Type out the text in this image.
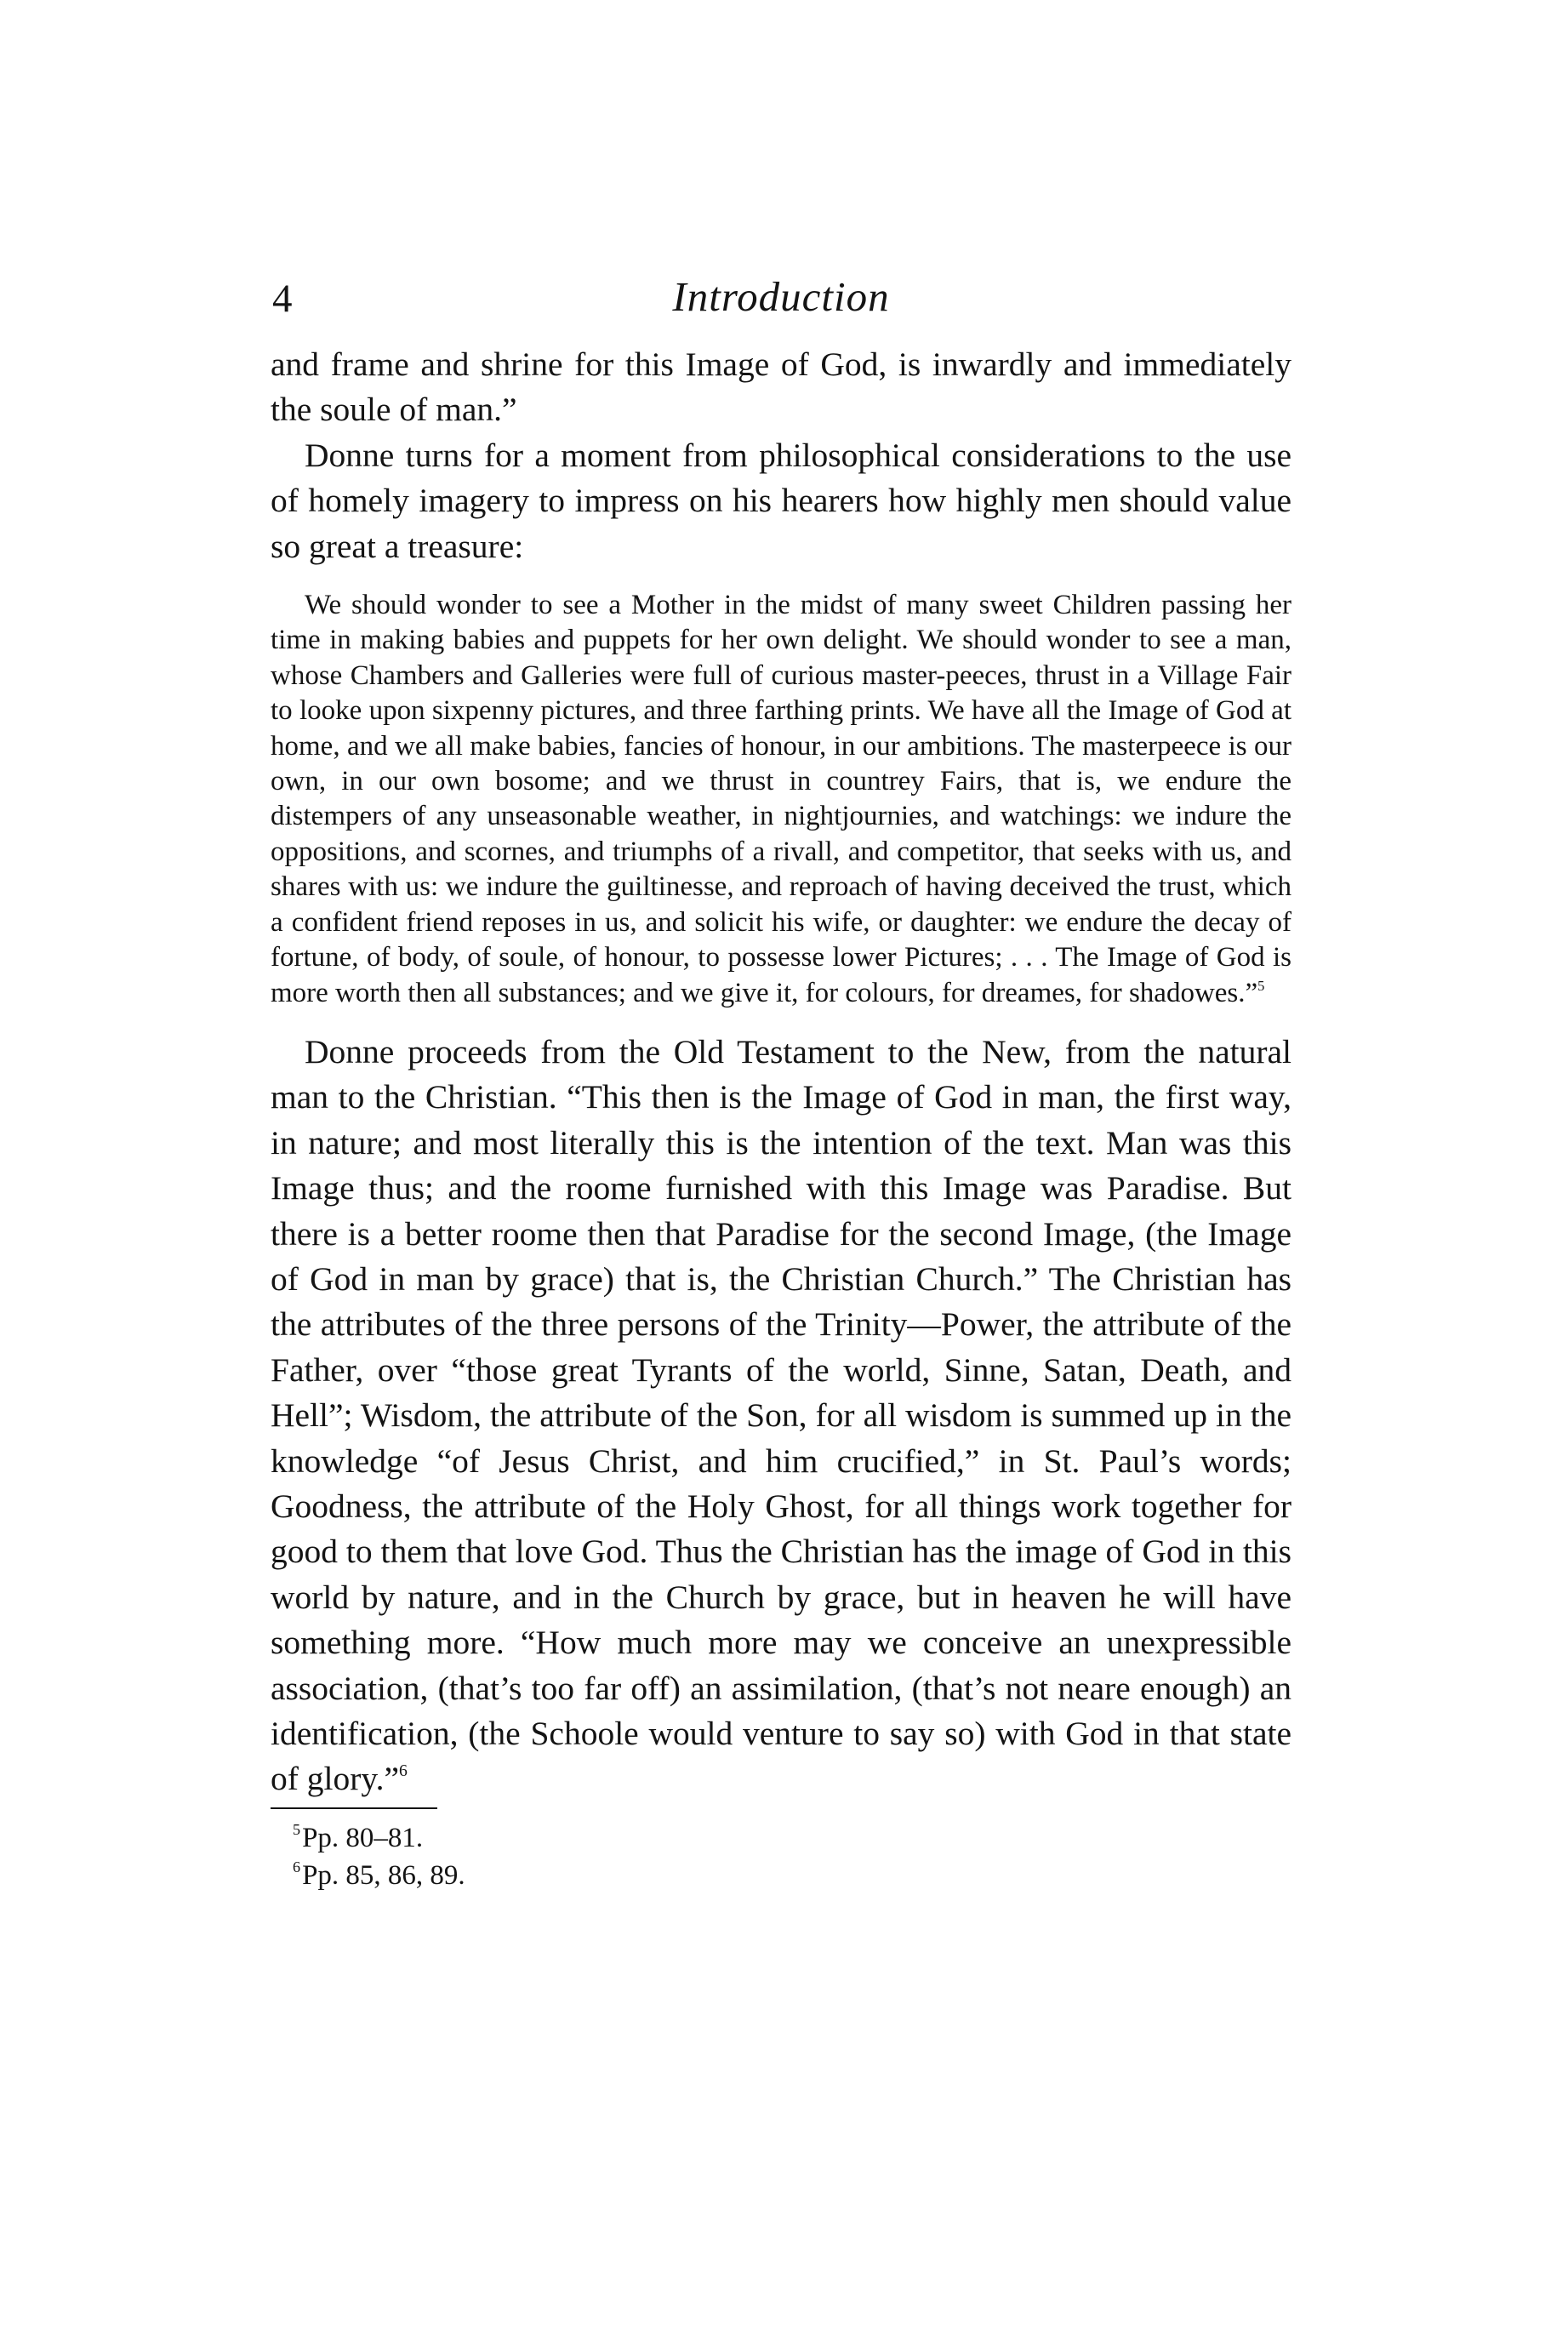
4	Introduction

and frame and shrine for this Image of God, is inwardly and immediately the soule of man.”

Donne turns for a moment from philosophical considerations to the use of homely imagery to impress on his hearers how highly men should value so great a treasure:

We should wonder to see a Mother in the midst of many sweet Children passing her time in making babies and puppets for her own delight. We should wonder to see a man, whose Chambers and Galleries were full of curious master-peeces, thrust in a Village Fair to looke upon sixpenny pictures, and three farthing prints. We have all the Image of God at home, and we all make babies, fancies of honour, in our ambitions. The masterpeece is our own, in our own bosome; and we thrust in countrey Fairs, that is, we endure the distempers of any unseasonable weather, in nightjournies, and watchings: we indure the oppositions, and scornes, and triumphs of a rivall, and competitor, that seeks with us, and shares with us: we indure the guiltinesse, and reproach of having deceived the trust, which a confident friend reposes in us, and solicit his wife, or daughter: we endure the decay of fortune, of body, of soule, of honour, to possesse lower Pictures; . . . The Image of God is more worth then all substances; and we give it, for colours, for dreames, for shadowes.”$^5$

Donne proceeds from the Old Testament to the New, from the natural man to the Christian. “This then is the Image of God in man, the first way, in nature; and most literally this is the intention of the text. Man was this Image thus; and the roome furnished with this Image was Paradise. But there is a better roome then that Paradise for the second Image, (the Image of God in man by grace) that is, the Christian Church.” The Christian has the attributes of the three persons of the Trinity—Power, the attribute of the Father, over “those great Tyrants of the world, Sinne, Satan, Death, and Hell”; Wisdom, the attribute of the Son, for all wisdom is summed up in the knowledge “of Jesus Christ, and him crucified,” in St. Paul’s words; Goodness, the attribute of the Holy Ghost, for all things work together for good to them that love God. Thus the Christian has the image of God in this world by nature, and in the Church by grace, but in heaven he will have something more. “How much more may we conceive an unexpressible association, (that’s too far off) an assimilation, (that’s not neare enough) an identification, (the Schoole would venture to say so) with God in that state of glory.”$^6$

$^5$Pp. 80–81.

$^6$Pp. 85, 86, 89.
